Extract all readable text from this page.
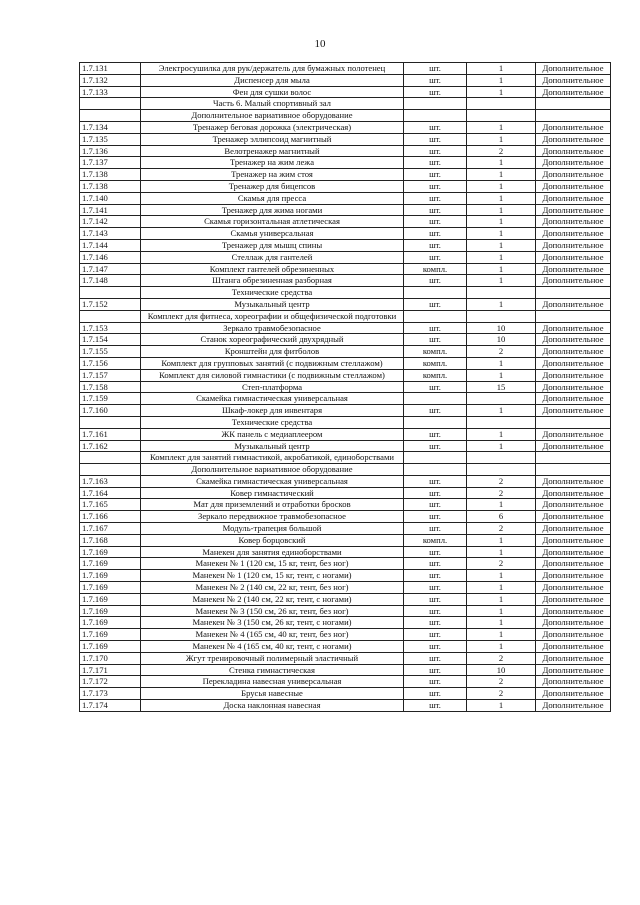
10
1.7.131	Электросушилка для рук/держатель для бумажных полотенец	шт.	1	Дополнительное
1.7.132	Диспенсер для мыла	шт.	1	Дополнительное
1.7.133	Фен для сушки волос	шт.	1	Дополнительное
	Часть 6. Малый спортивный зал			
	Дополнительное вариативное оборудование			
1.7.134	Тренажер беговая дорожка (электрическая)	шт.	1	Дополнительное
1.7.135	Тренажер эллипсоид магнитный	шт.	1	Дополнительное
1.7.136	Велотренажер магнитный	шт.	2	Дополнительное
1.7.137	Тренажер на жим лежа	шт.	1	Дополнительное
1.7.138	Тренажер на жим стоя	шт.	1	Дополнительное
1.7.138	Тренажер для бицепсов	шт.	1	Дополнительное
1.7.140	Скамья для пресса	шт.	1	Дополнительное
1.7.141	Тренажер для жима ногами	шт.	1	Дополнительное
1.7.142	Скамья горизонтальная атлетическая	шт.	1	Дополнительное
1.7.143	Скамья универсальная	шт.	1	Дополнительное
1.7.144	Тренажер для мышц спины	шт.	1	Дополнительное
1.7.146	Стеллаж для гантелей	шт.	1	Дополнительное
1.7.147	Комплект гантелей обрезиненных	компл.	1	Дополнительное
1.7.148	Штанга обрезиненная разборная	шт.	1	Дополнительное
	Технические средства			
1.7.152	Музыкальный центр	шт.	1	Дополнительное
	Комплект для фитнеса, хореографии и общефизической подготовки			
1.7.153	Зеркало травмобезопасное	шт.	10	Дополнительное
1.7.154	Станок хореографический двухрядный	шт.	10	Дополнительное
1.7.155	Кронштейн для фитболов	компл.	2	Дополнительное
1.7.156	Комплект для групповых занятий (с подвижным стеллажом)	компл.	1	Дополнительное
1.7.157	Комплект для силовой гимнастики (с подвижным стеллажом)	компл.	1	Дополнительное
1.7.158	Степ-платформа	шт.	15	Дополнительное
1.7.159	Скамейка гимнастическая универсальная			Дополнительное
1.7.160	Шкаф-локер для инвентаря	шт.	1	Дополнительное
	Технические средства			
1.7.161	ЖК панель с медиаплеером	шт.	1	Дополнительное
1.7.162	Музыкальный центр	шт.	1	Дополнительное
	Комплект для занятий гимнастикой, акробатикой, единоборствами			
	Дополнительное вариативное оборудование			
1.7.163	Скамейка гимнастическая универсальная	шт.	2	Дополнительное
1.7.164	Ковер гимнастический	шт.	2	Дополнительное
1.7.165	Мат для приземлений и отработки бросков	шт.	1	Дополнительное
1.7.166	Зеркало передвижное травмобезопасное	шт.	6	Дополнительное
1.7.167	Модуль-трапеция большой	шт.	2	Дополнительное
1.7.168	Ковер борцовский	компл.	1	Дополнительное
1.7.169	Манекен для занятия единоборствами	шт.	1	Дополнительное
1.7.169	Манекен № 1 (120 см, 15 кг, тент, без ног)	шт.	2	Дополнительное
1.7.169	Манекен № 1 (120 см, 15 кг, тент, с ногами)	шт.	1	Дополнительное
1.7.169	Манекен № 2 (140 см, 22 кг, тент, без ног)	шт.	1	Дополнительное
1.7.169	Манекен № 2 (140 см, 22 кг, тент, с ногами)	шт.	1	Дополнительное
1.7.169	Манекен № 3 (150 см, 26 кг, тент, без ног)	шт.	1	Дополнительное
1.7.169	Манекен № 3 (150 см, 26 кг, тент, с ногами)	шт.	1	Дополнительное
1.7.169	Манекен № 4 (165 см, 40 кг, тент, без ног)	шт.	1	Дополнительное
1.7.169	Манекен № 4 (165 см, 40 кг, тент, с ногами)	шт.	1	Дополнительное
1.7.170	Жгут тренировочный полимерный эластичный	шт.	2	Дополнительное
1.7.171	Стенка гимнастическая	шт.	10	Дополнительное
1.7.172	Перекладина навесная универсальная	шт.	2	Дополнительное
1.7.173	Брусья навесные	шт.	2	Дополнительное
1.7.174	Доска наклонная навесная	шт.	1	Дополнительное
